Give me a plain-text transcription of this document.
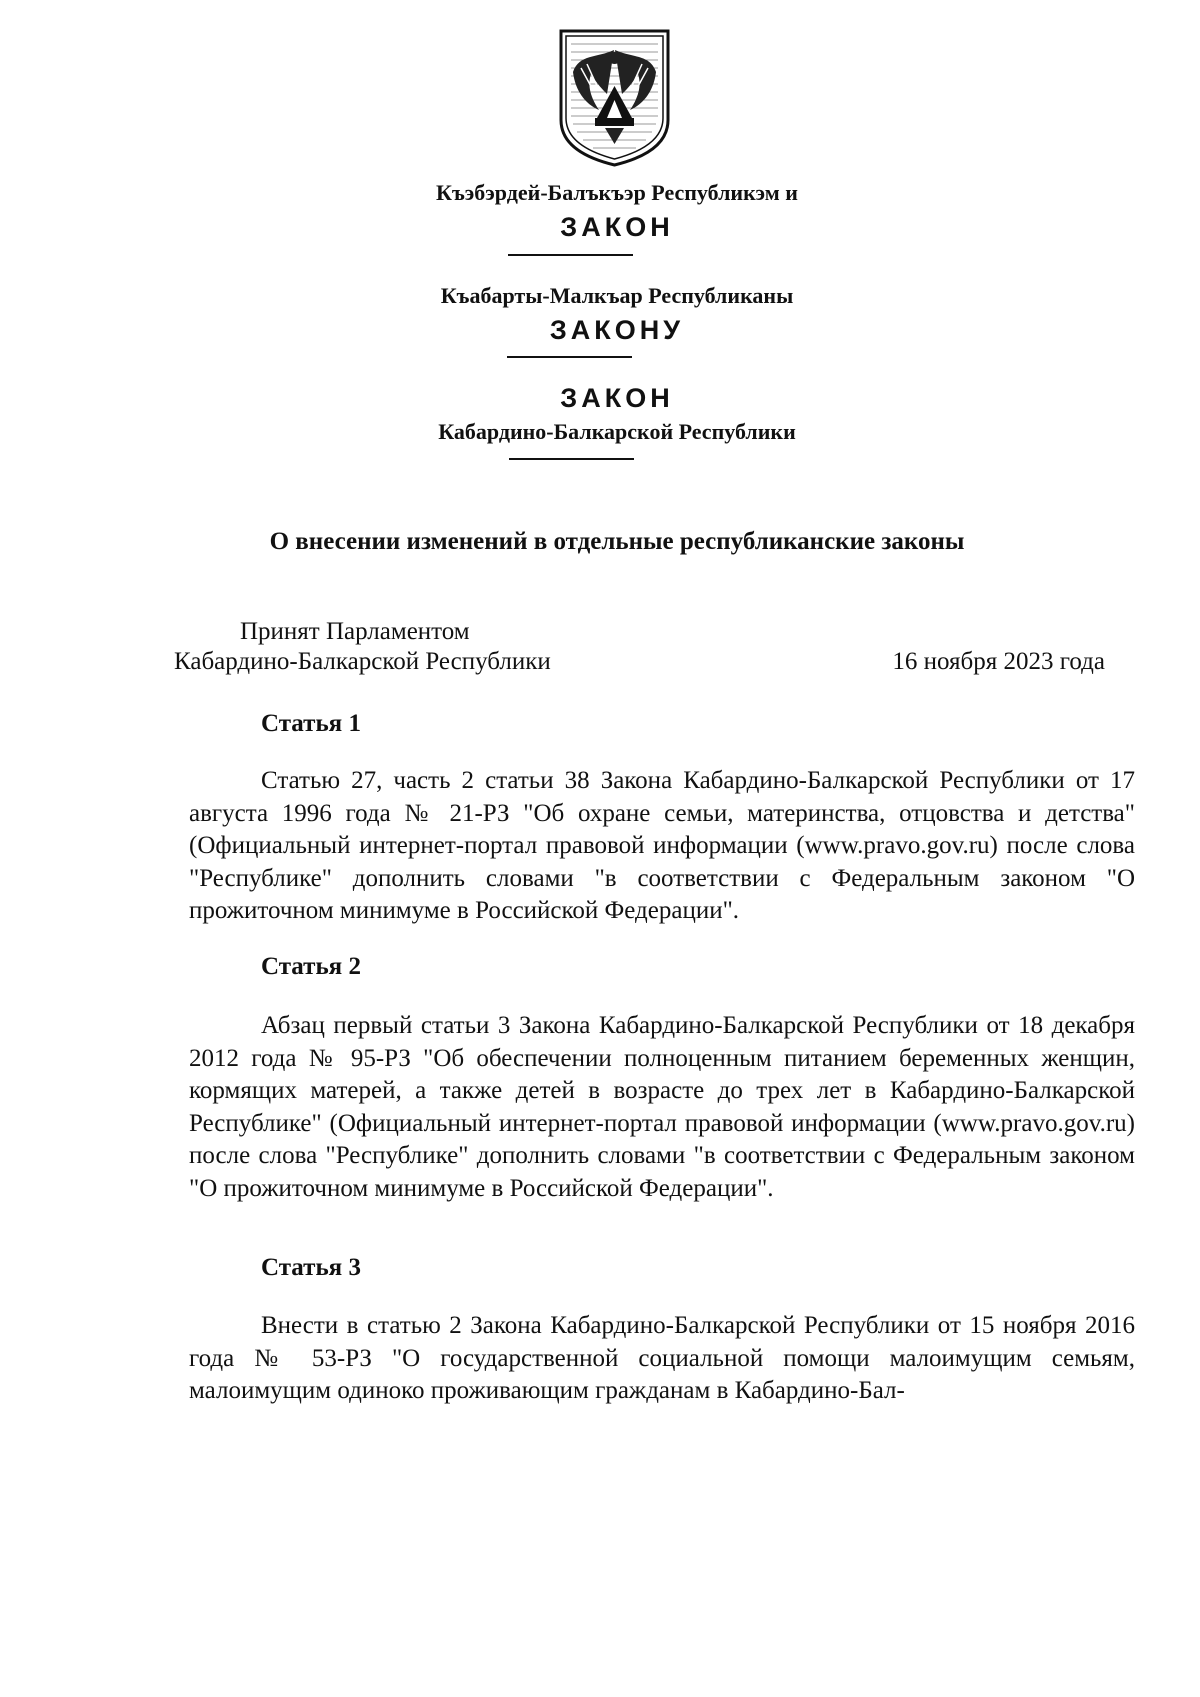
Къэбэрдей-Балъкъэр Республикэм и
ЗАКОН
Къабарты-Малкъар Республиканы
ЗАКОНУ
ЗАКОН
Кабардино-Балкарской Республики
О внесении изменений в отдельные республиканские законы
Принят Парламентом
Кабардино-Балкарской Республики	16 ноября 2023 года
Статья 1

Статью 27, часть 2 статьи 38 Закона Кабардино-Балкарской Республики от 17 августа 1996 года № 21-РЗ "Об охране семьи, материнства, отцовства и детства" (Официальный интернет-портал правовой информации (www.pravo.gov.ru) после слова "Республике" дополнить словами "в соответствии с Федеральным законом "О прожиточном минимуме в Российской Федерации".

Статья 2

Абзац первый статьи 3 Закона Кабардино-Балкарской Республики от 18 декабря 2012 года № 95-РЗ "Об обеспечении полноценным питанием беременных женщин, кормящих матерей, а также детей в возрасте до трех лет в Кабардино-Балкарской Республике" (Официальный интернет-портал правовой информации (www.pravo.gov.ru) после слова "Республике" дополнить словами "в соответствии с Федеральным законом "О прожиточном минимуме в Российской Федерации".

Статья 3

Внести в статью 2 Закона Кабардино-Балкарской Республики от 15 ноября 2016 года № 53-РЗ "О государственной социальной помощи малоимущим семьям, малоимущим одиноко проживающим гражданам в Кабардино-Бал-
